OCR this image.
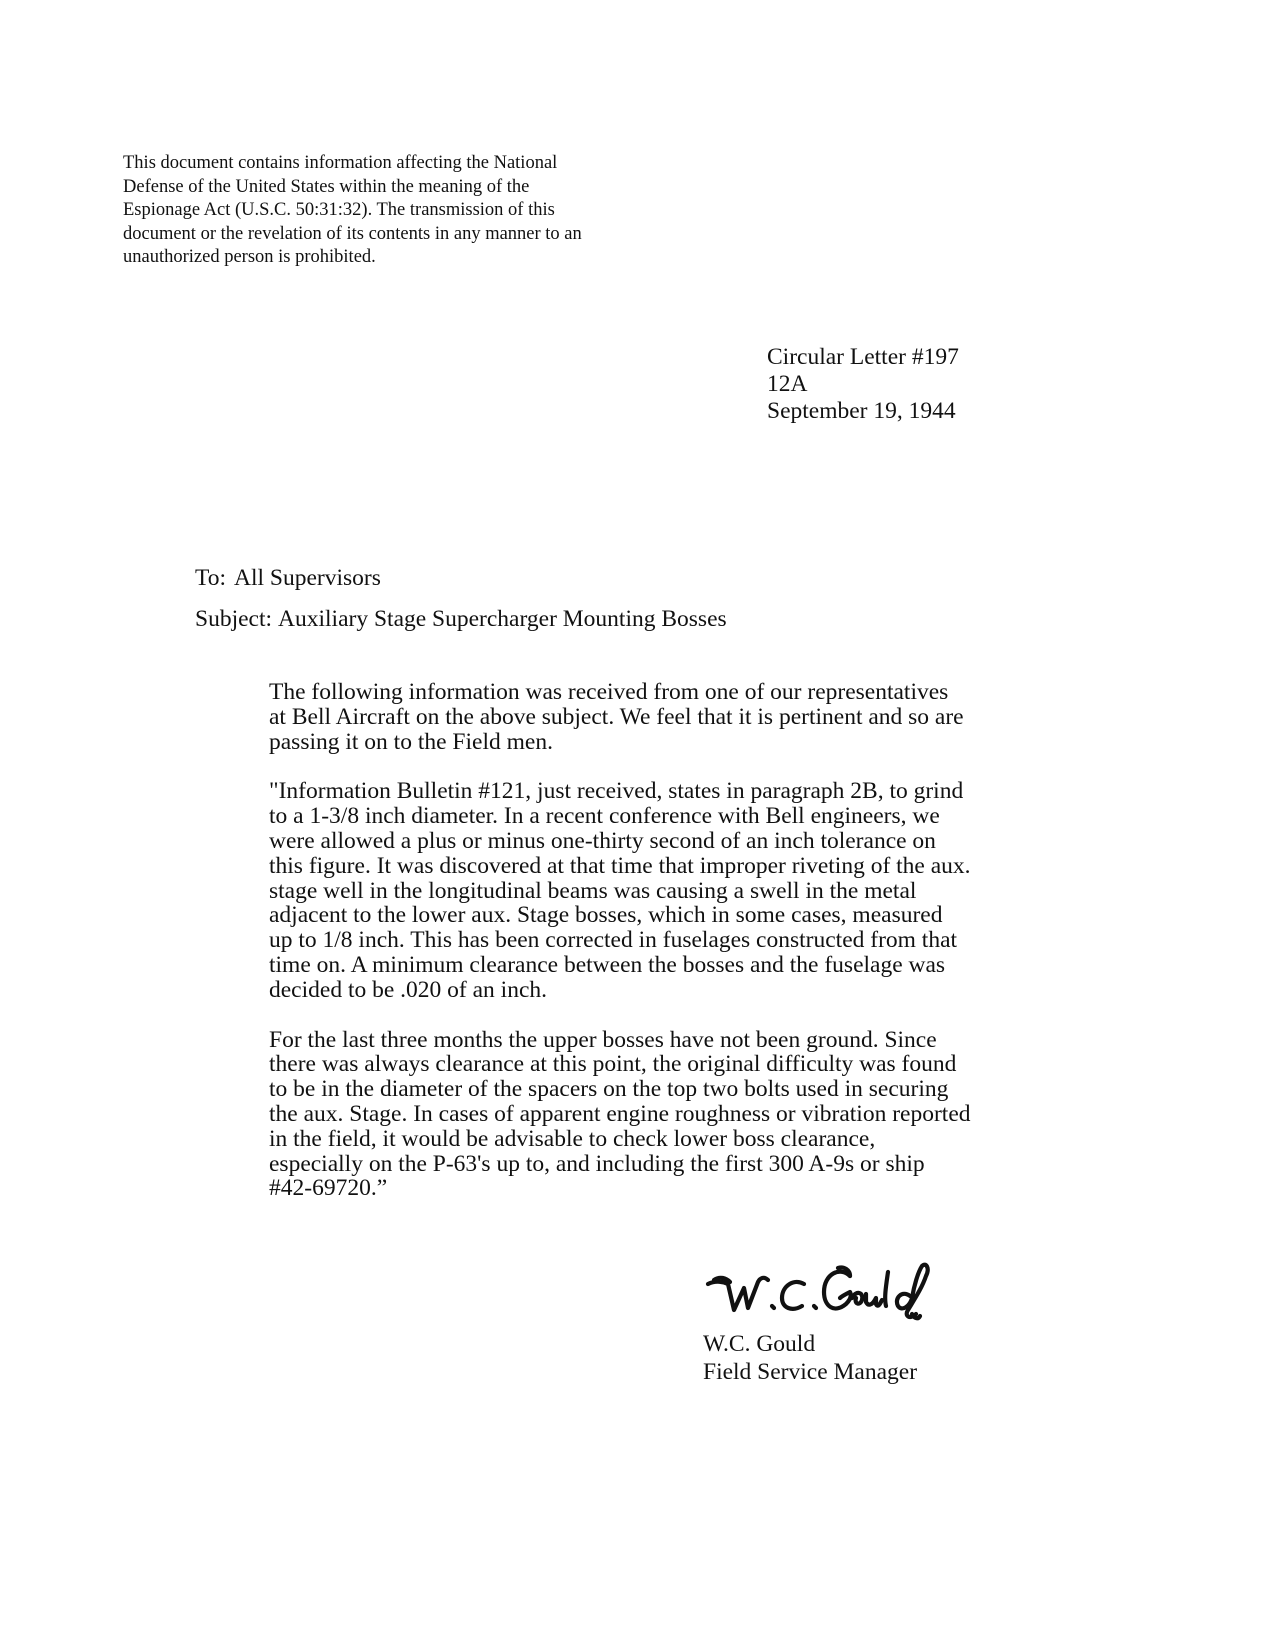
This document contains information affecting the National
Defense of the United States within the meaning of the
Espionage Act (U.S.C. 50:31:32). The transmission of this
document or the revelation of its contents in any manner to an
unauthorized person is prohibited.
Circular Letter #197
12A
September 19, 1944
To: All Supervisors
Subject: Auxiliary Stage Supercharger Mounting Bosses
The following information was received from one of our representatives
at Bell Aircraft on the above subject. We feel that it is pertinent and so are
passing it on to the Field men.
"Information Bulletin #121, just received, states in paragraph 2B, to grind
to a 1-3/8 inch diameter. In a recent conference with Bell engineers, we
were allowed a plus or minus one-thirty second of an inch tolerance on
this figure. It was discovered at that time that improper riveting of the aux.
stage well in the longitudinal beams was causing a swell in the metal
adjacent to the lower aux. Stage bosses, which in some cases, measured
up to 1/8 inch. This has been corrected in fuselages constructed from that
time on. A minimum clearance between the bosses and the fuselage was
decided to be .020 of an inch.
For the last three months the upper bosses have not been ground. Since
there was always clearance at this point, the original difficulty was found
to be in the diameter of the spacers on the top two bolts used in securing
the aux. Stage. In cases of apparent engine roughness or vibration reported
in the field, it would be advisable to check lower boss clearance,
especially on the P-63's up to, and including the first 300 A-9s or ship
#42-69720.”
W.C. Gould
Field Service Manager
